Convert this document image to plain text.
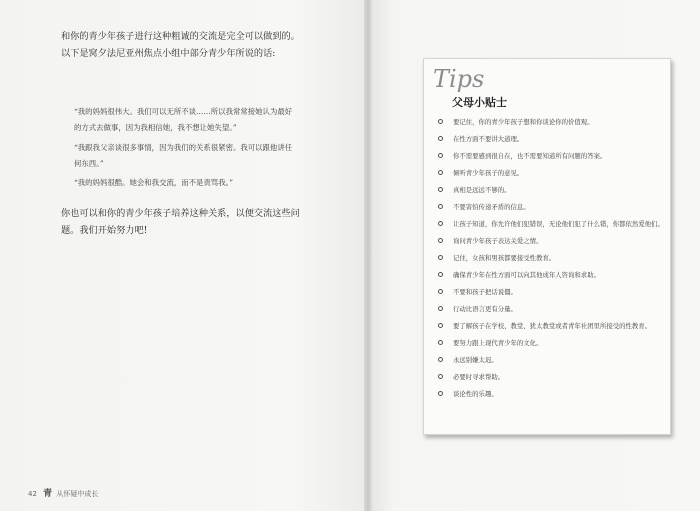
和你的青少年孩子进行这种粗诚的交流是完全可以做到的。以下是窝夕法尼亚州焦点小组中部分青少年所说的话:
“我的妈妈很伟大。我们可以无所不谈……所以我常常接她认为最好的方式去做事，因为我相信她，我不想让她失望。”
“我跟我父亲谈很多事情，因为我们的关系很紧密。我可以跟他讲任何东西。”
“我的妈妈很酷。她会和我交流，而不是责骂我。”
你也可以和你的青少年孩子培养这种关系，以便交流这些问题。我们开始努力吧!
42 青 从怀疑中成长
Tips
父母小贴士
要记住，你的青少年孩子想和你谈论你的价值观。
在性方面不要讲大道理。
你不需要感到很自在，也不需要知道所有问题的答案。
倾听青少年孩子的意见。
真相是远远不够的。
不要害怕传递矛盾的信息。
让孩子知道，你允许他们犯错误，无论他们犯了什么错，你都依然爱他们。
询问青少年孩子表达关爱之情。
记住，女孩和男孩都要接受性教育。
确保青少年在性方面可以向其他成年人咨询和求助。
不要和孩子把话说僵。
行动比语言更有分量。
要了解孩子在学校、教堂、犹太教堂或者青年社团里所接受的性教育。
要努力跟上现代青少年的文化。
永远别嫌太迟。
必要时寻求帮助。
谈论性的乐趣。
